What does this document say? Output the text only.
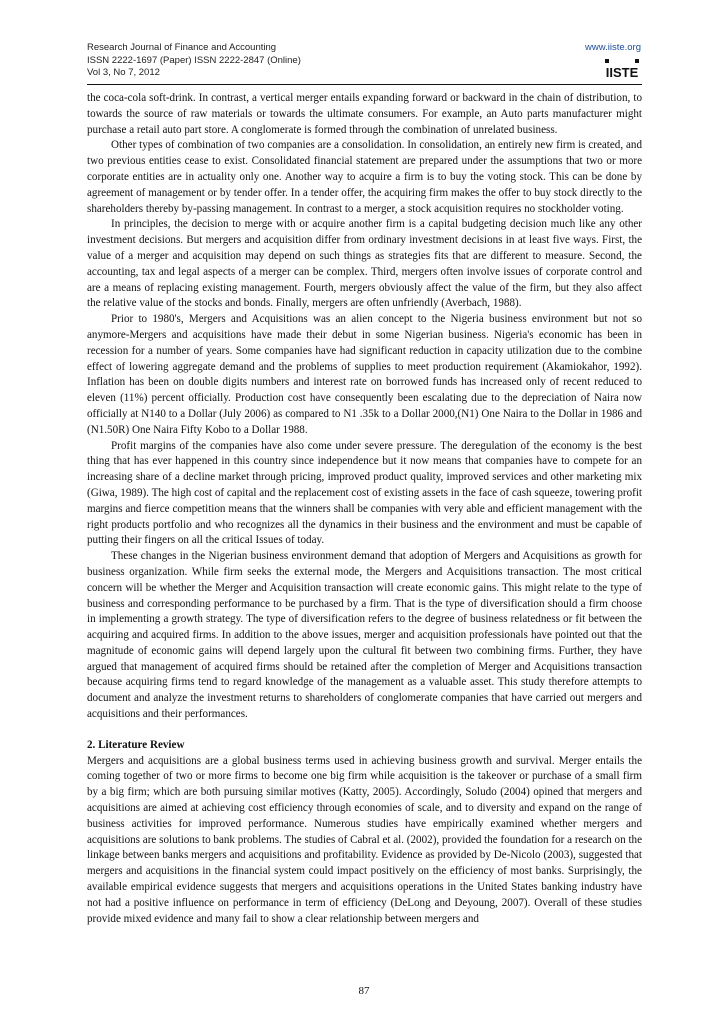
Research Journal of Finance and Accounting
ISSN 2222-1697 (Paper) ISSN 2222-2847 (Online)
Vol 3, No 7, 2012
www.iiste.org
IISTE

the coca-cola soft-drink. In contrast, a vertical merger entails expanding forward or backward in the chain of distribution, to towards the source of raw materials or towards the ultimate consumers. For example, an Auto parts manufacturer might purchase a retail auto part store. A conglomerate is formed through the combination of unrelated business.

Other types of combination of two companies are a consolidation. In consolidation, an entirely new firm is created, and two previous entities cease to exist. Consolidated financial statement are prepared under the assumptions that two or more corporate entities are in actuality only one. Another way to acquire a firm is to buy the voting stock. This can be done by agreement of management or by tender offer. In a tender offer, the acquiring firm makes the offer to buy stock directly to the shareholders thereby by-passing management. In contrast to a merger, a stock acquisition requires no stockholder voting.

In principles, the decision to merge with or acquire another firm is a capital budgeting decision much like any other investment decisions. But mergers and acquisition differ from ordinary investment decisions in at least five ways. First, the value of a merger and acquisition may depend on such things as strategies fits that are different to measure. Second, the accounting, tax and legal aspects of a merger can be complex. Third, mergers often involve issues of corporate control and are a means of replacing existing management. Fourth, mergers obviously affect the value of the firm, but they also affect the relative value of the stocks and bonds. Finally, mergers are often unfriendly (Averbach, 1988).

Prior to 1980's, Mergers and Acquisitions was an alien concept to the Nigeria business environment but not so anymore-Mergers and acquisitions have made their debut in some Nigerian business. Nigeria's economic has been in recession for a number of years. Some companies have had significant reduction in capacity utilization due to the combine effect of lowering aggregate demand and the problems of supplies to meet production requirement (Akamiokahor, 1992). Inflation has been on double digits numbers and interest rate on borrowed funds has increased only of recent reduced to eleven (11%) percent officially. Production cost have consequently been escalating due to the depreciation of Naira now officially at N140 to a Dollar (July 2006) as compared to N1 .35k to a Dollar 2000,(N1) One Naira to the Dollar in 1986 and (N1.50R) One Naira Fifty Kobo to a Dollar 1988.

Profit margins of the companies have also come under severe pressure. The deregulation of the economy is the best thing that has ever happened in this country since independence but it now means that companies have to compete for an increasing share of a decline market through pricing, improved product quality, improved services and other marketing mix (Giwa, 1989). The high cost of capital and the replacement cost of existing assets in the face of cash squeeze, towering profit margins and fierce competition means that the winners shall be companies with very able and efficient management with the right products portfolio and who recognizes all the dynamics in their business and the environment and must be capable of putting their fingers on all the critical Issues of today.

These changes in the Nigerian business environment demand that adoption of Mergers and Acquisitions as growth for business organization. While firm seeks the external mode, the Mergers and Acquisitions transaction. The most critical concern will be whether the Merger and Acquisition transaction will create economic gains. This might relate to the type of business and corresponding performance to be purchased by a firm. That is the type of diversification should a firm choose in implementing a growth strategy. The type of diversification refers to the degree of business relatedness or fit between the acquiring and acquired firms. In addition to the above issues, merger and acquisition professionals have pointed out that the magnitude of economic gains will depend largely upon the cultural fit between two combining firms. Further, they have argued that management of acquired firms should be retained after the completion of Merger and Acquisitions transaction because acquiring firms tend to regard knowledge of the management as a valuable asset. This study therefore attempts to document and analyze the investment returns to shareholders of conglomerate companies that have carried out mergers and acquisitions and their performances.

2. Literature Review

Mergers and acquisitions are a global business terms used in achieving business growth and survival. Merger entails the coming together of two or more firms to become one big firm while acquisition is the takeover or purchase of a small firm by a big firm; which are both pursuing similar motives (Katty, 2005). Accordingly, Soludo (2004) opined that mergers and acquisitions are aimed at achieving cost efficiency through economies of scale, and to diversity and expand on the range of business activities for improved performance. Numerous studies have empirically examined whether mergers and acquisitions are solutions to bank problems. The studies of Cabral et al. (2002), provided the foundation for a research on the linkage between banks mergers and acquisitions and profitability. Evidence as provided by De-Nicolo (2003), suggested that mergers and acquisitions in the financial system could impact positively on the efficiency of most banks. Surprisingly, the available empirical evidence suggests that mergers and acquisitions operations in the United States banking industry have not had a positive influence on performance in term of efficiency (DeLong and Deyoung, 2007). Overall of these studies provide mixed evidence and many fail to show a clear relationship between mergers and

87
